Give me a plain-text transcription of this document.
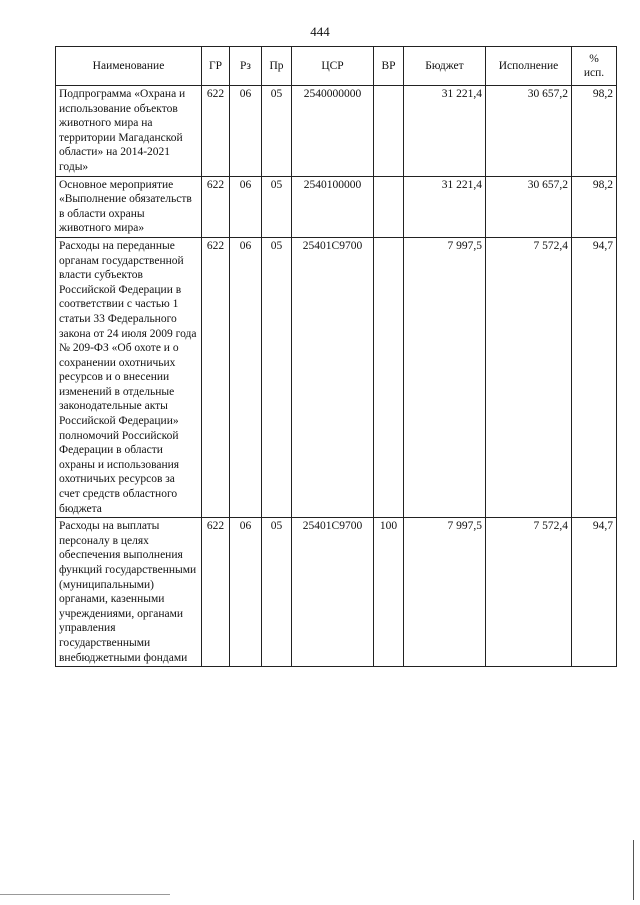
444
Наименование	ГР	Рз	Пр	ЦСР	ВР	Бюджет	Исполнение	%
исп.

Подпрограмма «Охрана и использование объектов животного мира на территории Магаданской области» на 2014-2021 годы»	622	06	05	2540000000		31 221,4	30 657,2	98,2
Основное мероприятие «Выполнение обязательств в области охраны животного мира»	622	06	05	2540100000		31 221,4	30 657,2	98,2
Расходы на переданные органам государственной власти субъектов Российской Федерации в соответствии с частью 1 статьи 33 Федерального закона от 24 июля 2009 года № 209-ФЗ «Об охоте и о сохранении охотничьих ресурсов и о внесении изменений в отдельные законодательные акты Российской Федерации» полномочий Российской Федерации в области охраны и использования охотничьих ресурсов за счет средств областного бюджета	622	06	05	25401С9700		7 997,5	7 572,4	94,7
Расходы на выплаты персоналу в целях обеспечения выполнения функций государственными (муниципальными) органами, казенными учреждениями, органами управления государственными внебюджетными фондами	622	06	05	25401С9700	100	7 997,5	7 572,4	94,7
